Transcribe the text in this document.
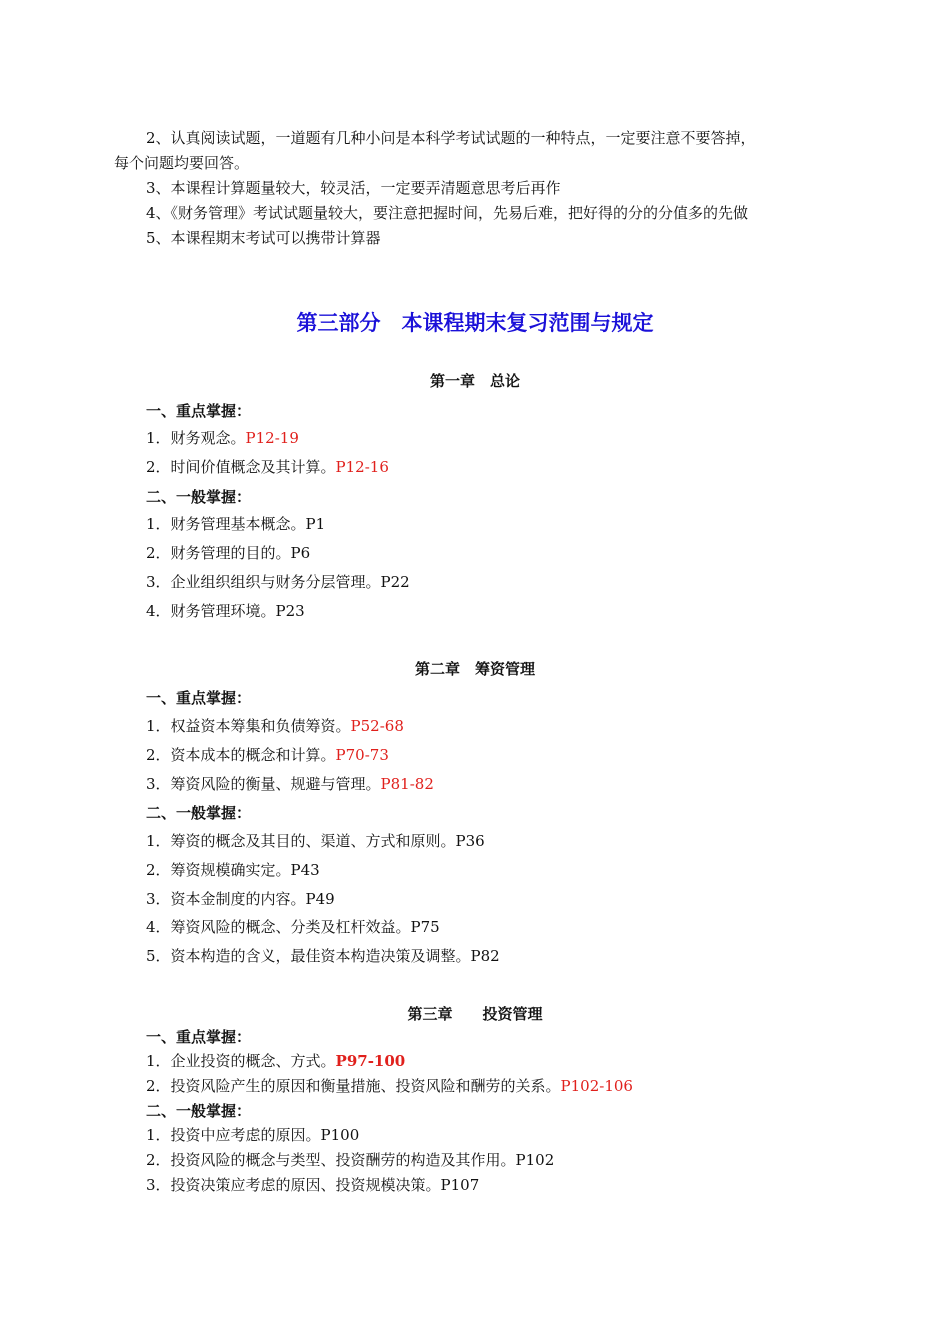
2、认真阅读试题，一道题有几种小问是本科学考试试题的一种特点，一定要注意不要答掉，
每个问题均要回答。
3、本课程计算题量较大，较灵活，一定要弄清题意思考后再作
4、《财务管理》考试试题量较大，要注意把握时间，先易后难，把好得的分的分值多的先做
5、本课程期末考试可以携带计算器
第三部分　本课程期末复习范围与规定
第一章　总论
一、重点掌握：
1．财务观念。P12-19
2．时间价值概念及其计算。P12-16
二、一般掌握：
1．财务管理基本概念。P1
2．财务管理的目的。P6
3．企业组织组织与财务分层管理。P22
4．财务管理环境。P23
第二章　筹资管理
一、重点掌握：
1．权益资本筹集和负债筹资。P52-68
2．资本成本的概念和计算。P70-73
3．筹资风险的衡量、规避与管理。P81-82
二、一般掌握：
1．筹资的概念及其目的、渠道、方式和原则。P36
2．筹资规模确实定。P43
3．资本金制度的内容。P49
4．筹资风险的概念、分类及杠杆效益。P75
5．资本构造的含义，最佳资本构造决策及调整。P82
第三章　　投资管理
一、重点掌握：
1．企业投资的概念、方式。P97-100
2．投资风险产生的原因和衡量措施、投资风险和酬劳的关系。P102-106
二、一般掌握：
1．投资中应考虑的原因。P100
2．投资风险的概念与类型、投资酬劳的构造及其作用。P102
3．投资决策应考虑的原因、投资规模决策。P107
